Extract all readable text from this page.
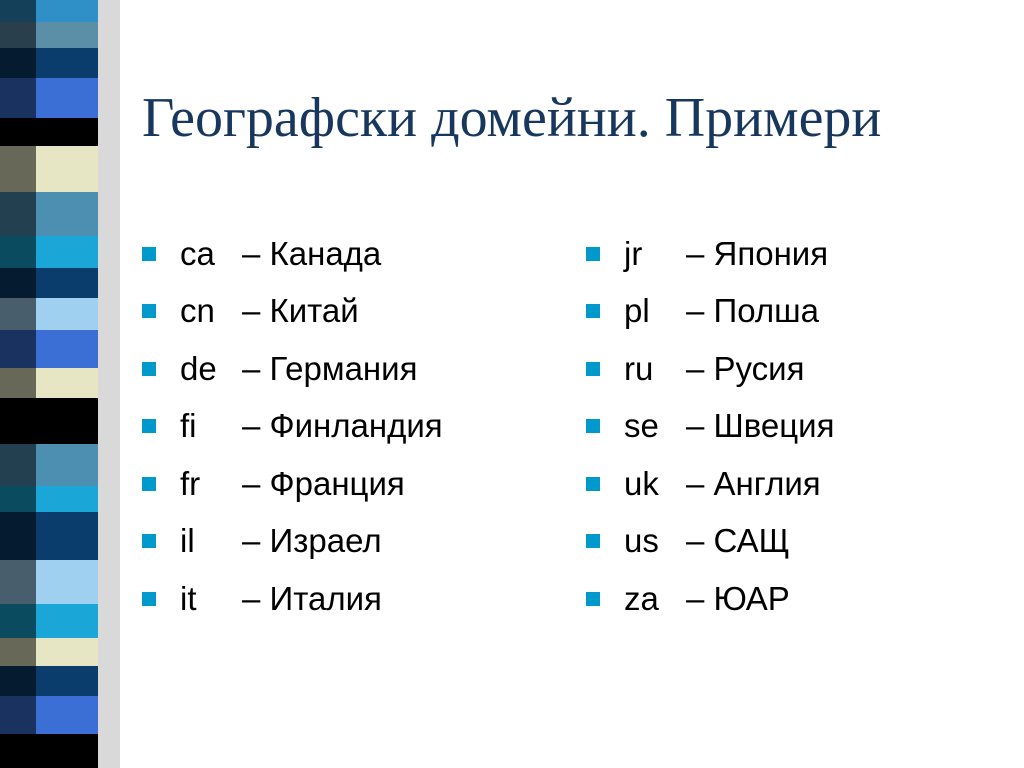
Географски домейни. Примери
ca – Канада
cn – Китай
de – Германия
fi	– Финландия
fr	– Франция
il	– Израел
it	– Италия
jr	– Япония
pl	– Полша
ru – Русия
se – Швеция
uk – Англия
us – САЩ
za – ЮАР
